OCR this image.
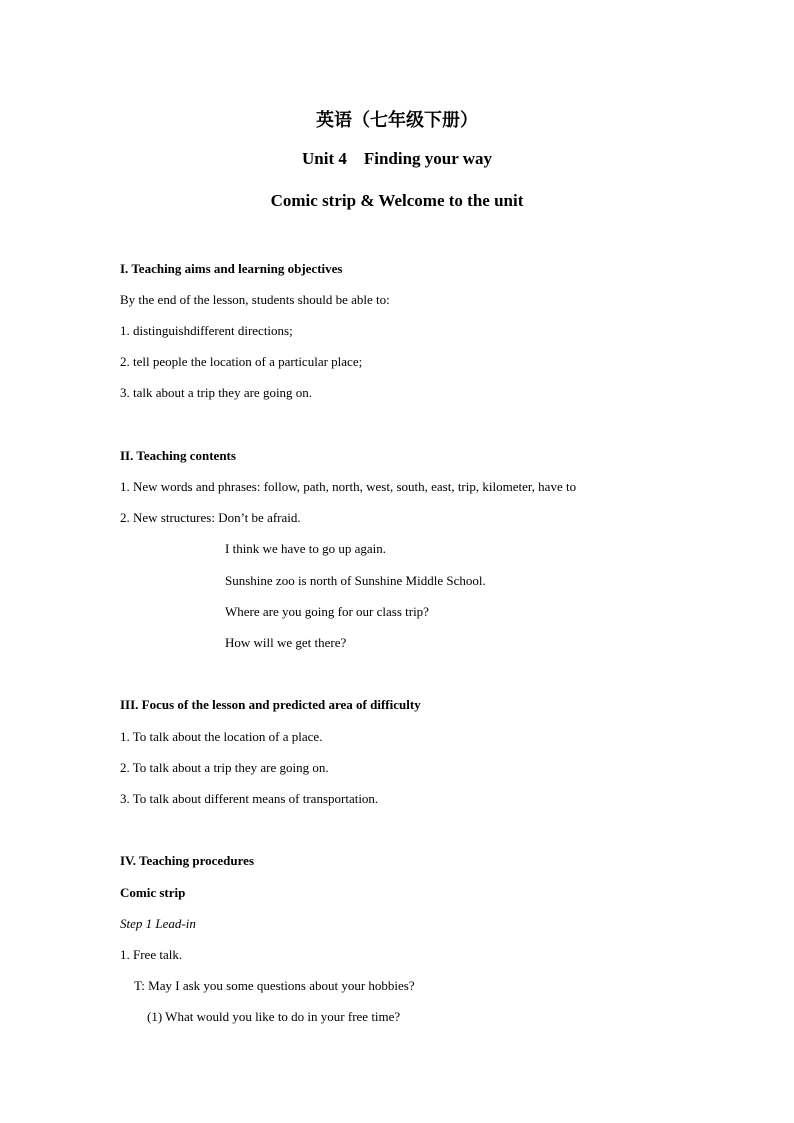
英语（七年级下册）
Unit 4    Finding your way
Comic strip & Welcome to the unit
I. Teaching aims and learning objectives
By the end of the lesson, students should be able to:
1. distinguishdifferent directions;
2. tell people the location of a particular place;
3. talk about a trip they are going on.
II. Teaching contents
1. New words and phrases: follow, path, north, west, south, east, trip, kilometer, have to
2. New structures: Don’t be afraid.
I think we have to go up again.
Sunshine zoo is north of Sunshine Middle School.
Where are you going for our class trip?
How will we get there?
III. Focus of the lesson and predicted area of difficulty
1. To talk about the location of a place.
2. To talk about a trip they are going on.
3. To talk about different means of transportation.
IV. Teaching procedures
Comic strip
Step 1 Lead-in
1. Free talk.
T: May I ask you some questions about your hobbies?
(1) What would you like to do in your free time?
